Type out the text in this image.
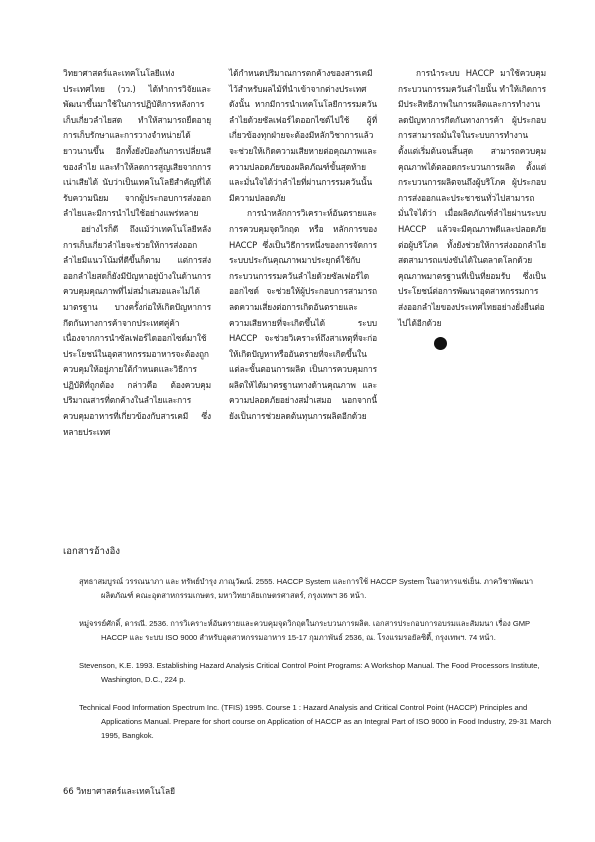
วิทยาศาสตร์และเทคโนโลยีแห่งประเทศไทย (วว.) ได้ทำการวิจัยและพัฒนาขึ้นมาใช้ในการปฏิบัติการหลังการเก็บเกี่ยวลำไยสด ทำให้สามารถยืดอายุการเก็บรักษาและการวางจำหน่ายได้ยาวนานขึ้น อีกทั้งยังป้องกันการเปลี่ยนสีของลำไย และทำให้ลดการสูญเสียจากการเน่าเสียได้ นับว่าเป็นเทคโนโลยีสำคัญที่ได้รับความนิยม จากผู้ประกอบการส่งออกลำไยและมีการนำไปใช้อย่างแพร่หลาย

อย่างไรก็ดี ถึงแม้ว่าเทคโนโลยีหลังการเก็บเกี่ยวลำไยจะช่วยให้การส่งออกลำไยมีแนวโน้มที่ดีขึ้นก็ตาม แต่การส่งออกลำไยสดก็ยังมีปัญหาอยู่บ้างในด้านการควบคุมคุณภาพที่ไม่สม่ำเสมอและไม่ได้มาตรฐาน บางครั้งก่อให้เกิดปัญหาการกีดกันทางการค้าจากประเทศคู่ค้า เนื่องจากการนำซัลเฟอร์ไดออกไซด์มาใช้ประโยชน์ในอุตสาหกรรมอาหารจะต้องถูกควบคุมให้อยู่ภายใต้กำหนดและวิธีการปฏิบัติที่ถูกต้อง กล่าวคือ ต้องควบคุมปริมาณสารที่ตกค้างในลำไยและการควบคุมอาหารที่เกี่ยวข้องกับสารเคมี ซึ่งหลายประเทศ

ได้กำหนดปริมาณการตกค้างของสารเคมีไว้สำหรับผลไม้ที่นำเข้าจากต่างประเทศ ดังนั้น หากมีการนำเทคโนโลยีการรมควันลำไยด้วยซัลเฟอร์ไดออกไซด์ไปใช้ ผู้ที่เกี่ยวข้องทุกฝ่ายจะต้องมีหลักวิชาการแล้ว จะช่วยให้เกิดความเสียหายต่อคุณภาพและความปลอดภัยของผลิตภัณฑ์ขั้นสุดท้ายและมั่นใจได้ว่าลำไยที่ผ่านการรมควันนั้นมีความปลอดภัย

การนำหลักการวิเคราะห์อันตรายและการควบคุมจุดวิกฤต หรือ หลักการของ HACCP ซึ่งเป็นวิธีการหนึ่งของการจัดการระบบประกันคุณภาพมาประยุกต์ใช้กับกระบวนการรมควันลำไยด้วยซัลเฟอร์ไดออกไซด์ จะช่วยให้ผู้ประกอบการสามารถลดความเสี่ยงต่อการเกิดอันตรายและความเสียหายที่จะเกิดขึ้นได้ ระบบ HACCP จะช่วยวิเคราะห์ถึงสาเหตุที่จะก่อให้เกิดปัญหาหรืออันตรายที่จะเกิดขึ้นในแต่ละขั้นตอนการผลิต เป็นการควบคุมการผลิตให้ได้มาตรฐานทางด้านคุณภาพ และความปลอดภัยอย่างสม่ำเสมอ นอกจากนี้ยังเป็นการช่วยลดต้นทุนการผลิตอีกด้วย

การนำระบบ HACCP มาใช้ควบคุมกระบวนการรมควันลำไยนั้น ทำให้เกิดการมีประสิทธิภาพในการผลิตและการทำงาน ลดปัญหาการกีดกันทางการค้า ผู้ประกอบการสามารถมั่นใจในระบบการทำงานตั้งแต่เริ่มต้นจนสิ้นสุด สามารถควบคุมคุณภาพได้ตลอดกระบวนการผลิต ตั้งแต่กระบวนการผลิตจนถึงผู้บริโภค ผู้ประกอบการส่งออกและประชาชนทั่วไปสามารถมั่นใจได้ว่า เมื่อผลิตภัณฑ์ลำไยผ่านระบบ HACCP แล้วจะมีคุณภาพดีและปลอดภัยต่อผู้บริโภค ทั้งยังช่วยให้การส่งออกลำไยสดสามารถแข่งขันได้ในตลาดโลกด้วยคุณภาพมาตรฐานที่เป็นที่ยอมรับ ซึ่งเป็นประโยชน์ต่อการพัฒนาอุตสาหกรรมการส่งออกลำไยของประเทศไทยอย่างยั่งยืนต่อไปได้อีกด้วย

เอกสารอ้างอิง
สุทธาสมบูรณ์ วรรณนาภา และ ทรัพย์บำรุง ภาณุวัฒน์. 2555. HACCP System และการใช้ HACCP System ในอาหารแช่เย็น. ภาควิชาพัฒนาผลิตภัณฑ์ คณะอุตสาหกรรมเกษตร, มหาวิทยาลัยเกษตรศาสตร์, กรุงเทพฯ 36 หน้า.
หมู่จรรย์ศักดิ์, ดารณี. 2536. การวิเคราะห์อันตรายและควบคุมจุดวิกฤตในกระบวนการผลิต. เอกสารประกอบการอบรมและสัมมนา เรื่อง GMP HACCP และ ระบบ ISO 9000 สำหรับอุตสาหกรรมอาหาร 15-17 กุมภาพันธ์ 2536, ณ. โรงแรมรอยัลซิตี้, กรุงเทพฯ. 74 หน้า.
Stevenson, K.E. 1993. Establishing Hazard Analysis Critical Control Point Programs: A Workshop Manual. The Food Processors Institute, Washington, D.C., 224 p.
Technical Food Information Spectrum Inc. (TFIS) 1995. Course 1 : Hazard Analysis and Critical Control Point (HACCP) Principles and Applications Manual. Prepare for short course on Application of HACCP as an Integral Part of ISO 9000 in Food Industry, 29-31 March 1995, Bangkok.
66 วิทยาศาสตร์และเทคโนโลยี
